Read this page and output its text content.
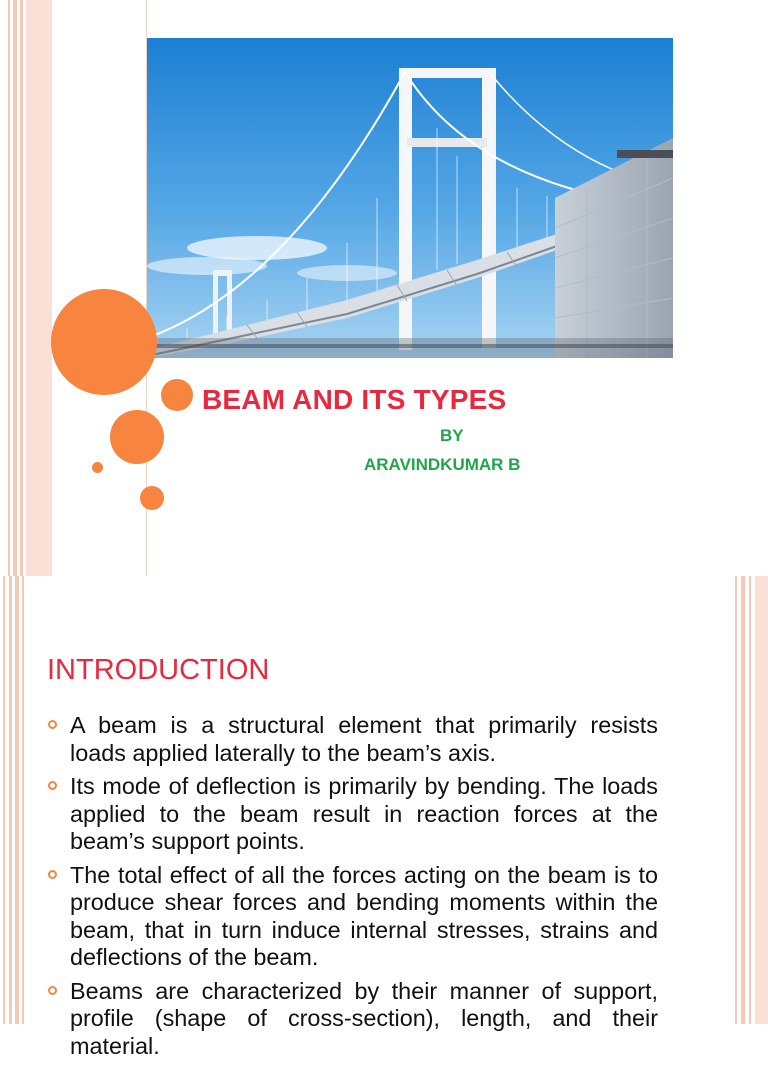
BEAM AND ITS TYPES
BY
ARAVINDKUMAR B
INTRODUCTION
A beam is a structural element that primarily resists loads applied laterally to the beam’s axis.
Its mode of deflection is primarily by bending. The loads applied to the beam result in reaction forces at the beam’s support points.
The total effect of all the forces acting on the beam is to produce shear forces and bending moments within the beam, that in turn induce internal stresses, strains and deflections of the beam.
Beams are characterized by their manner of support, profile (shape of cross-section), length, and their material.
